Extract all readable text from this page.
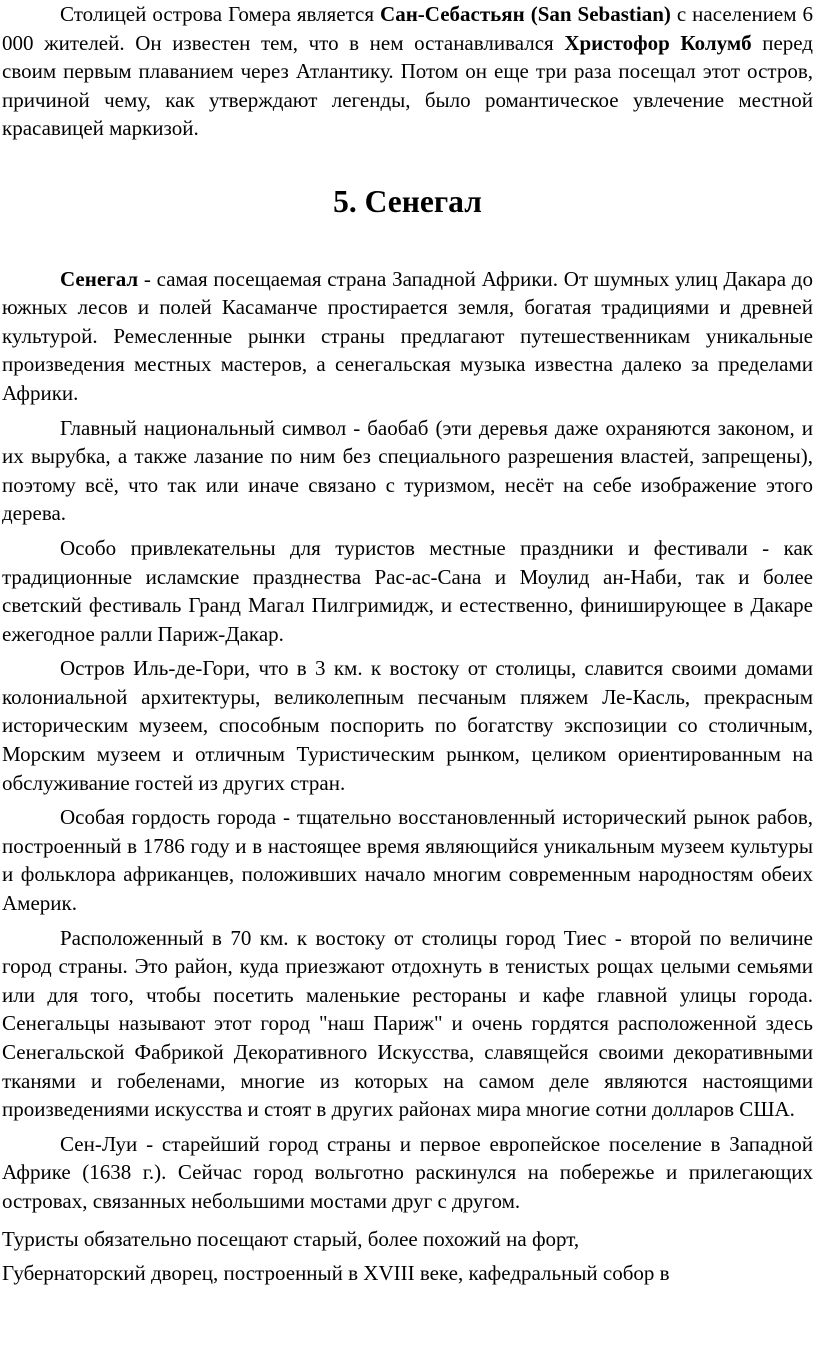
Столицей острова Гомера является Сан-Себастьян (San Sebastian) с населением 6 000 жителей. Он известен тем, что в нем останавливался Христофор Колумб перед своим первым плаванием через Атлантику. Потом он еще три раза посещал этот остров, причиной чему, как утверждают легенды, было романтическое увлечение местной красавицей маркизой.

5. Сенегал

Сенегал - самая посещаемая страна Западной Африки. От шумных улиц Дакара до южных лесов и полей Касаманче простирается земля, богатая традициями и древней культурой. Ремесленные рынки страны предлагают путешественникам уникальные произведения местных мастеров, а сенегальская музыка известна далеко за пределами Африки.

Главный национальный символ - баобаб (эти деревья даже охраняются законом, и их вырубка, а также лазание по ним без специального разрешения властей, запрещены), поэтому всё, что так или иначе связано с туризмом, несёт на себе изображение этого дерева.

Особо привлекательны для туристов местные праздники и фестивали - как традиционные исламские празднества Рас-ас-Сана и Моулид ан-Наби, так и более светский фестиваль Гранд Магал Пилгримидж, и естественно, финиширующее в Дакаре ежегодное ралли Париж-Дакар.

Остров Иль-де-Гори, что в 3 км. к востоку от столицы, славится своими домами колониальной архитектуры, великолепным песчаным пляжем Ле-Касль, прекрасным историческим музеем, способным поспорить по богатству экспозиции со столичным, Морским музеем и отличным Туристическим рынком, целиком ориентированным на обслуживание гостей из других стран.

Особая гордость города - тщательно восстановленный исторический рынок рабов, построенный в 1786 году и в настоящее время являющийся уникальным музеем культуры и фольклора африканцев, положивших начало многим современным народностям обеих Америк.

Расположенный в 70 км. к востоку от столицы город Тиес - второй по величине город страны. Это район, куда приезжают отдохнуть в тенистых рощах целыми семьями или для того, чтобы посетить маленькие рестораны и кафе главной улицы города. Сенегальцы называют этот город "наш Париж" и очень гордятся расположенной здесь Сенегальской Фабрикой Декоративного Искусства, славящейся своими декоративными тканями и гобеленами, многие из которых на самом деле являются настоящими произведениями искусства и стоят в других районах мира многие сотни долларов США.

Сен-Луи - старейший город страны и первое европейское поселение в Западной Африке (1638 г.). Сейчас город вольготно раскинулся на побережье и прилегающих островах, связанных небольшими мостами друг с другом.

Туристы обязательно посещают старый, более похожий на форт,

Губернаторский дворец, построенный в XVIII веке, кафедральный собор в
